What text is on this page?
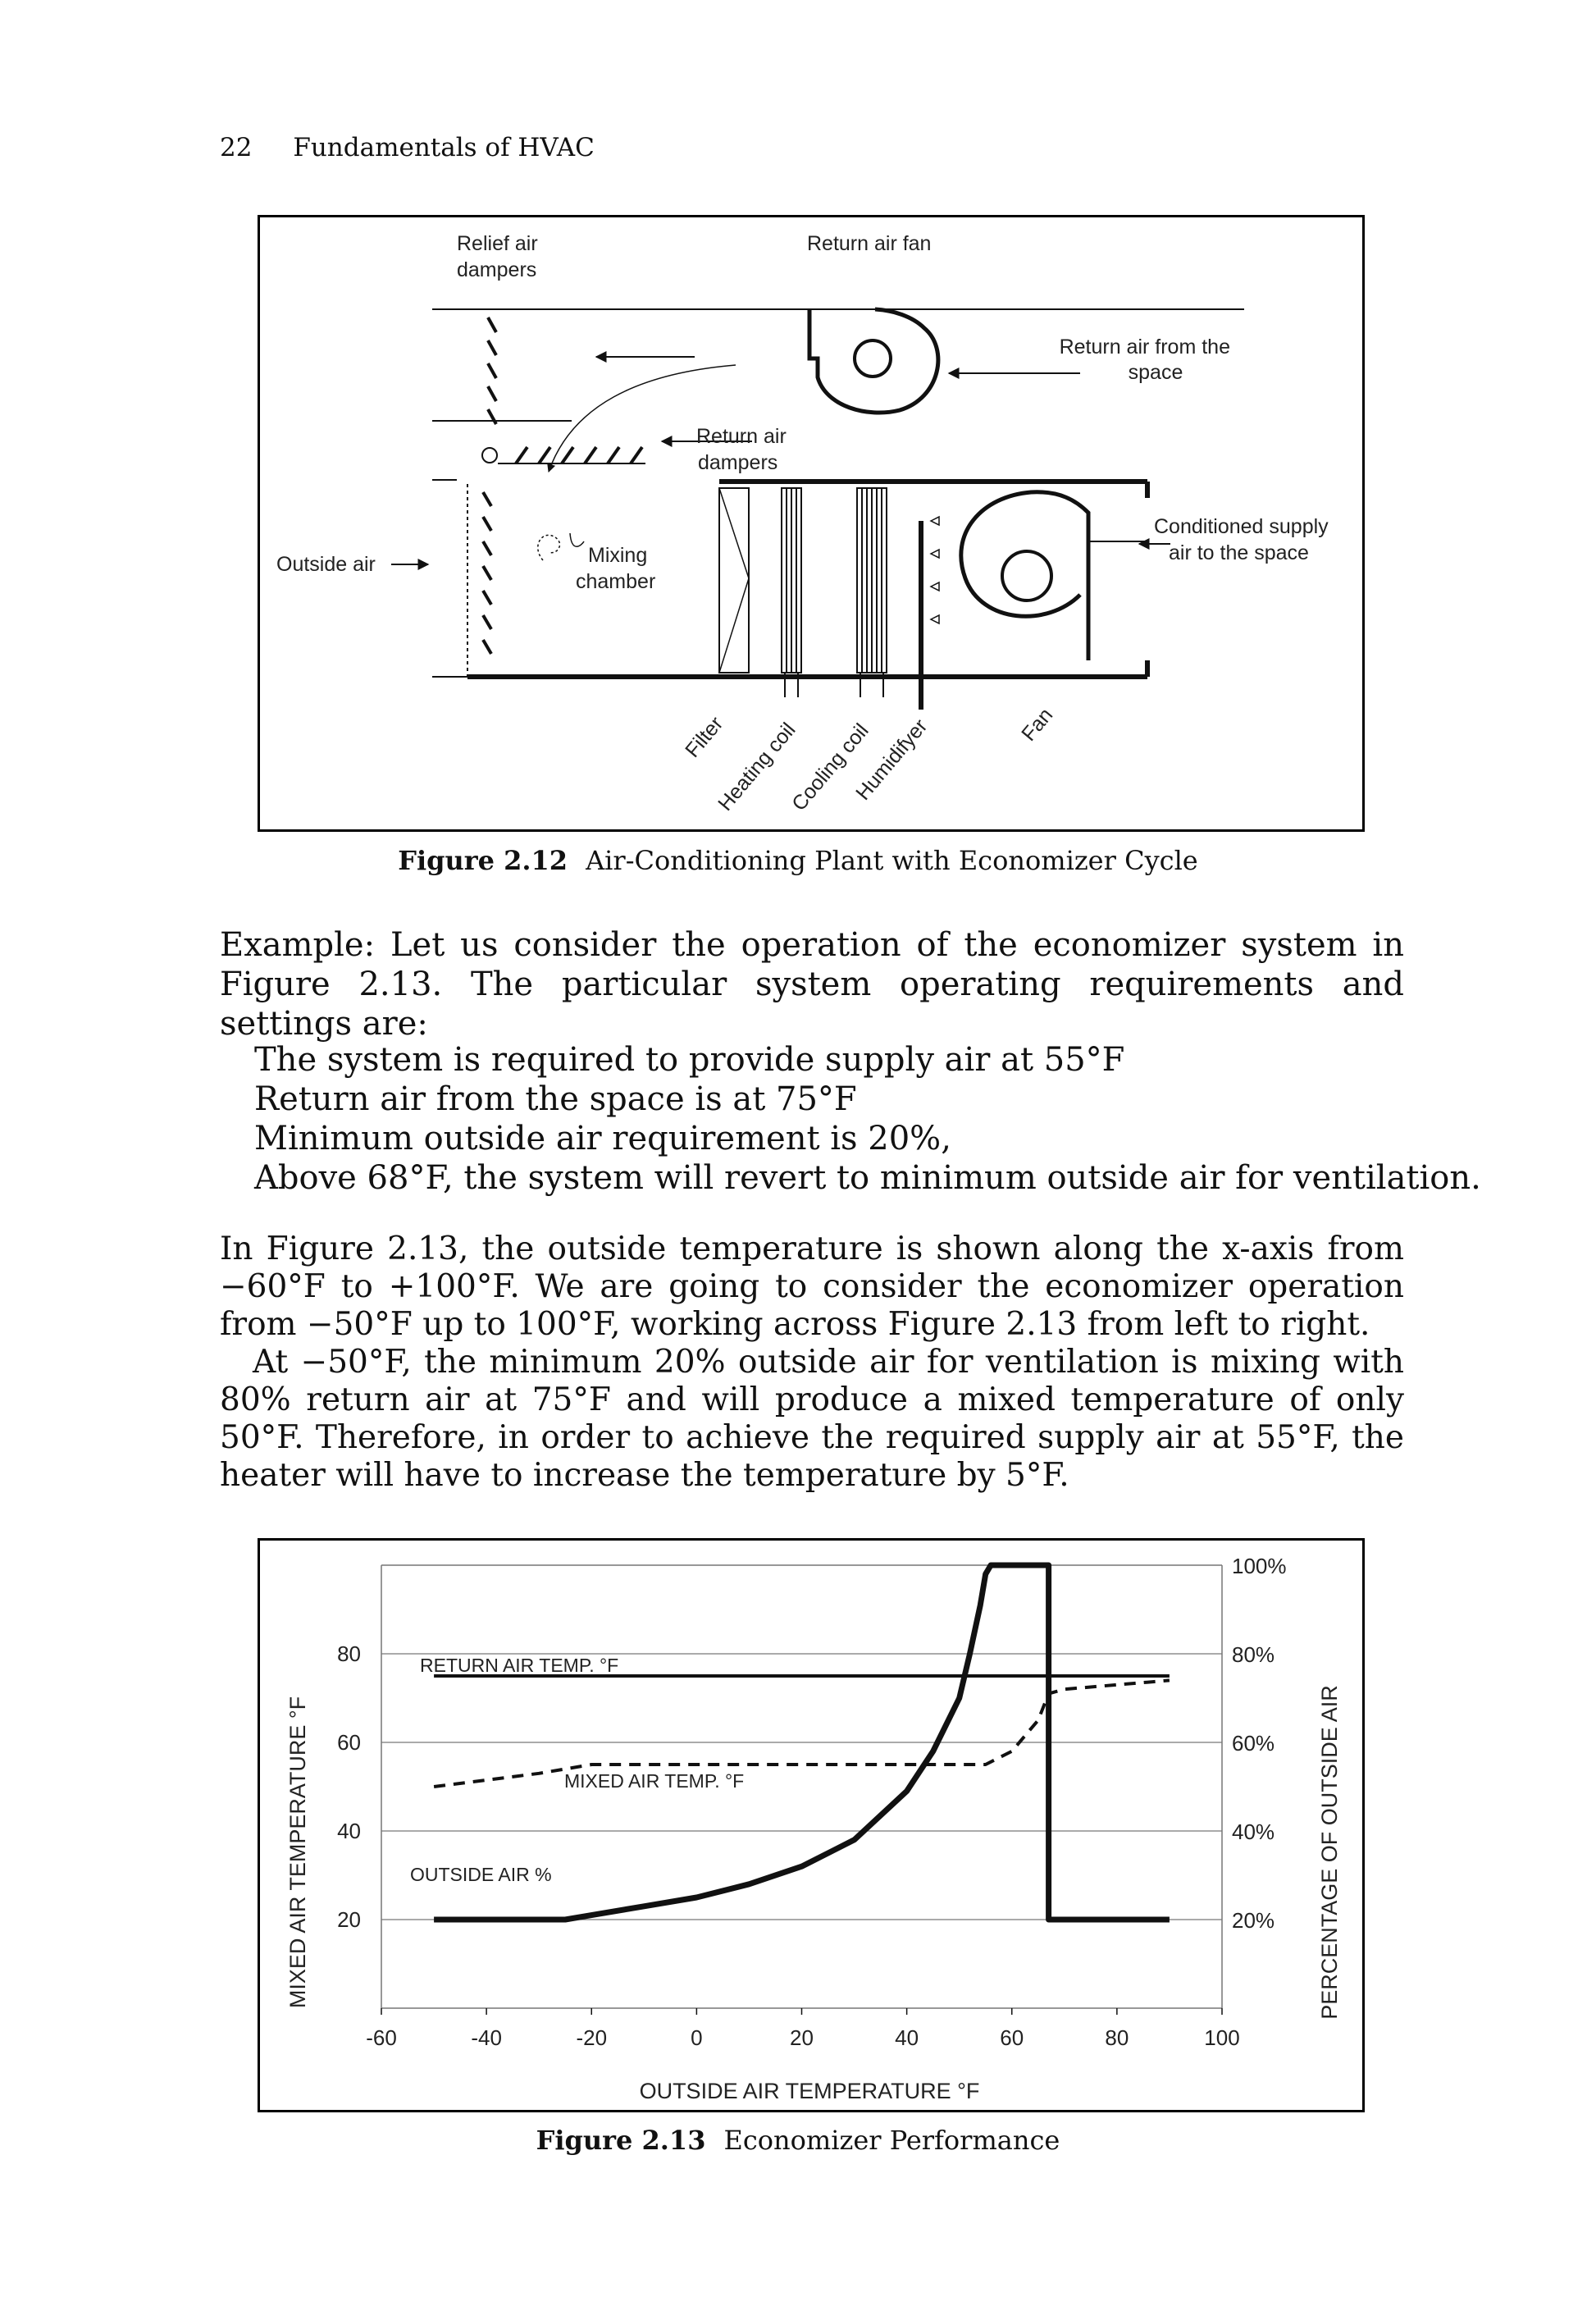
22 Fundamentals of HVAC
Relief air
dampers
Return air fan
Return air from the
space
Return air
dampers
Outside air	Mixing
chamber
Conditioned supply
air to the space
Filter
Heating coil
Cooling coil
Humidifyer	Fan
Figure 2.12 Air-Conditioning Plant with Economizer Cycle

Example: Let us consider the operation of the economizer system in Figure 2.13. The particular system operating requirements and settings are:

The system is required to provide supply air at 55°F
Return air from the space is at 75°F
Minimum outside air requirement is 20%,
Above 68°F, the system will revert to minimum outside air for ventilation.

In Figure 2.13, the outside temperature is shown along the x-axis from −60°F to +100°F. We are going to consider the economizer operation from −50°F up to 100°F, working across Figure 2.13 from left to right.

At −50°F, the minimum 20% outside air for ventilation is mixing with 80% return air at 75°F and will produce a mixed temperature of only 50°F. Therefore, in order to achieve the required supply air at 55°F, the heater will have to increase the temperature by 5°F.

-60	-40	-20	0	20	40	60	80	100
20
40
60
80
20%
40%
60%
80%
100%
MIXED AIR TEMPERATURE °F	PERCENTAGE OF OUTSIDE AIR
OUTSIDE AIR TEMPERATURE °F
RETURN AIR TEMP. °F
MIXED AIR TEMP. °F
OUTSIDE AIR %
Figure 2.13 Economizer Performance
